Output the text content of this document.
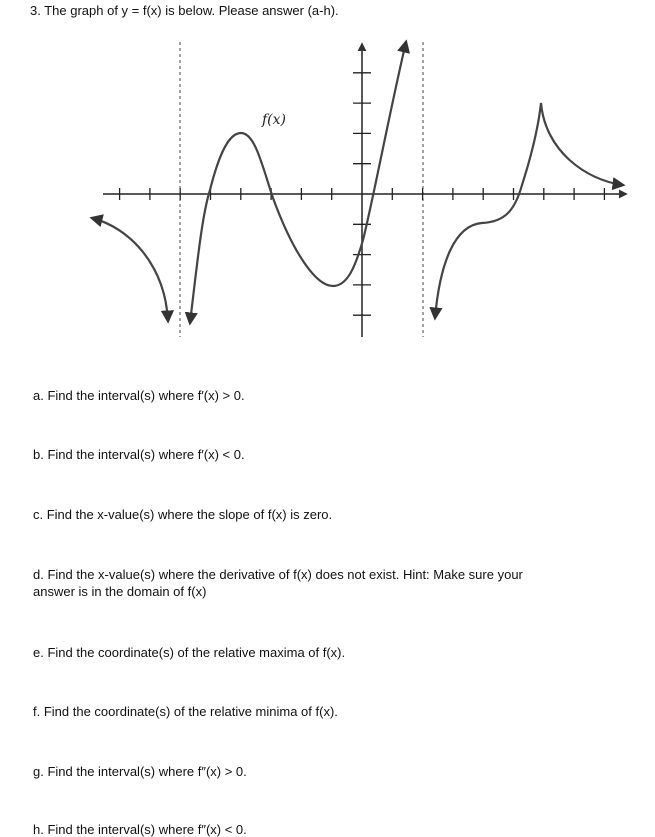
3. The graph of y = f(x) is below. Please answer (a-h).
f(x)
a. Find the interval(s) where f′(x) > 0.
b. Find the interval(s) where f′(x) < 0.
c. Find the x-value(s) where the slope of f(x) is zero.
d. Find the x-value(s) where the derivative of f(x) does not exist. Hint: Make sure your
answer is in the domain of f(x)
e. Find the coordinate(s) of the relative maxima of f(x).
f. Find the coordinate(s) of the relative minima of f(x).
g. Find the interval(s) where f″(x) > 0.
h. Find the interval(s) where f″(x) < 0.
